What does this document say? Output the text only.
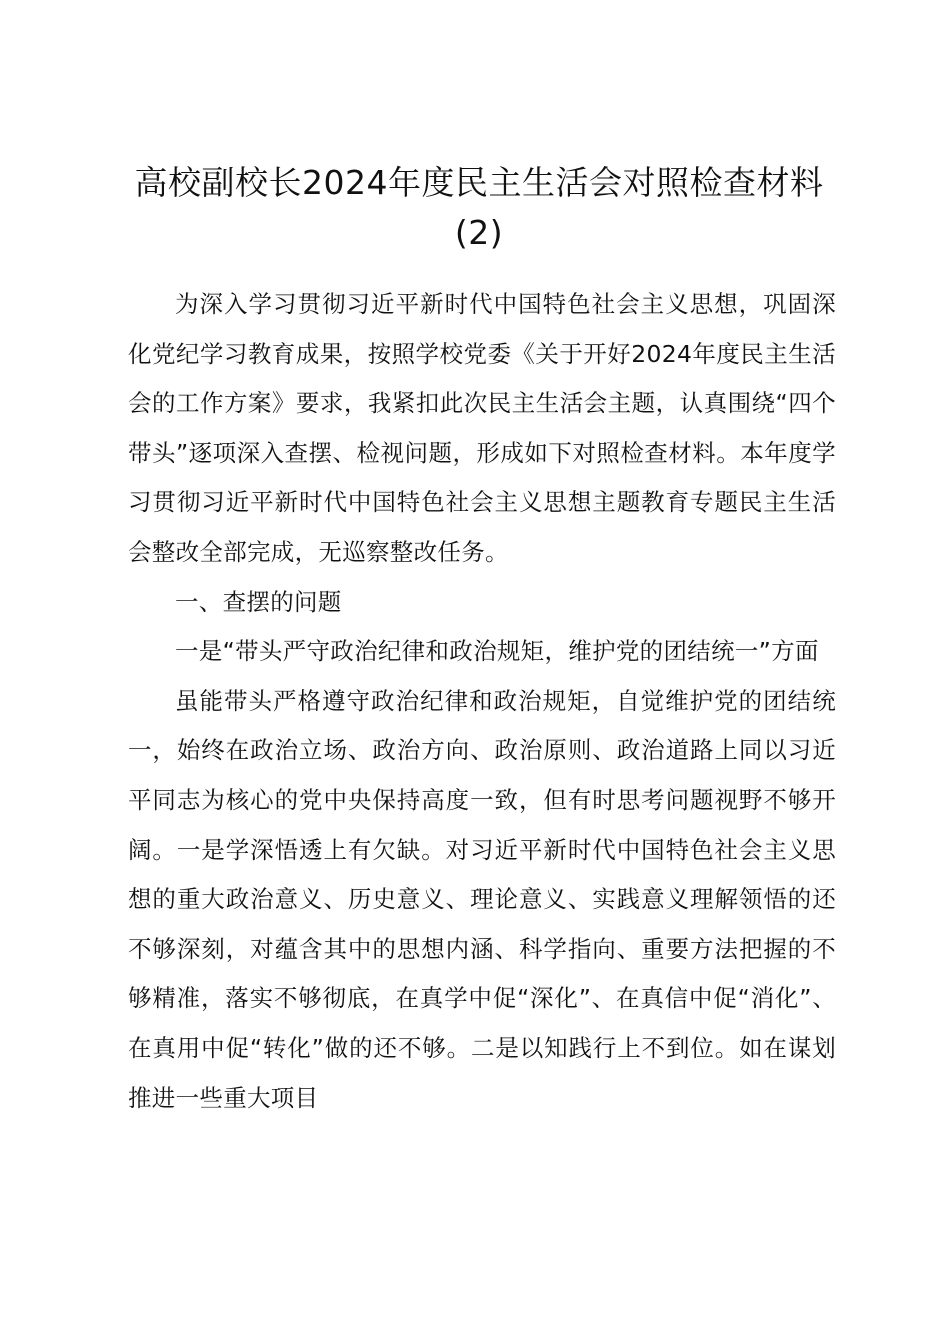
高校副校长2024年度民主生活会对照检查材料(2)

为深入学习贯彻习近平新时代中国特色社会主义思想，巩固深化党纪学习教育成果，按照学校党委《关于开好2024年度民主生活会的工作方案》要求，我紧扣此次民主生活会主题，认真围绕“四个带头”逐项深入查摆、检视问题，形成如下对照检查材料。本年度学习贯彻习近平新时代中国特色社会主义思想主题教育专题民主生活会整改全部完成，无巡察整改任务。

一、查摆的问题

一是“带头严守政治纪律和政治规矩，维护党的团结统一”方面

虽能带头严格遵守政治纪律和政治规矩，自觉维护党的团结统一，始终在政治立场、政治方向、政治原则、政治道路上同以习近平同志为核心的党中央保持高度一致，但有时思考问题视野不够开阔。一是学深悟透上有欠缺。对习近平新时代中国特色社会主义思想的重大政治意义、历史意义、理论意义、实践意义理解领悟的还不够深刻，对蕴含其中的思想内涵、科学指向、重要方法把握的不够精准，落实不够彻底，在真学中促“深化”、在真信中促“消化”、在真用中促“转化”做的还不够。二是以知践行上不到位。如在谋划推进一些重大项目
